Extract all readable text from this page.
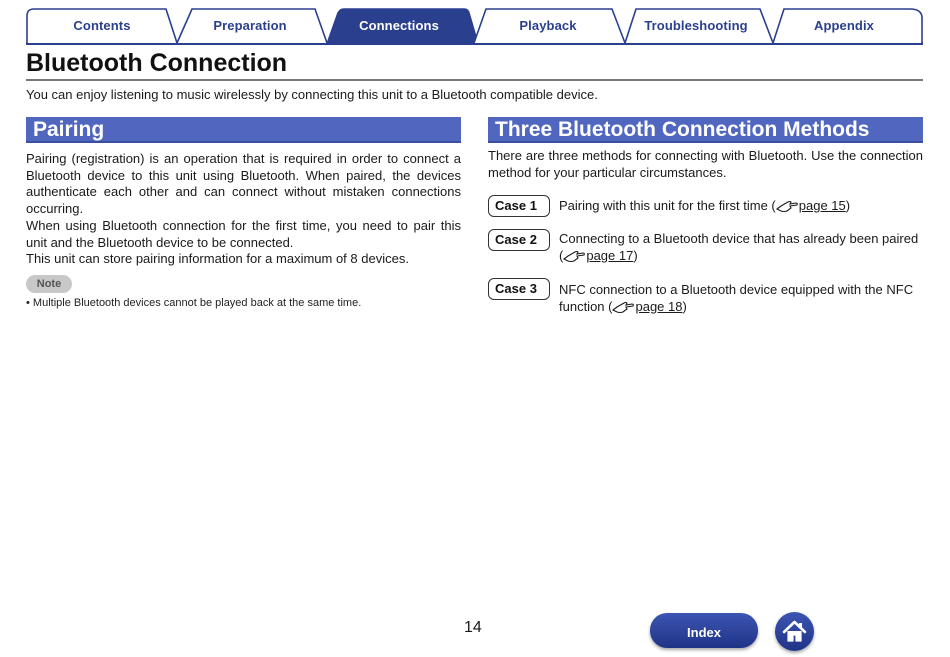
Contents	Preparation	Connections	Playback	Troubleshooting	Appendix
Bluetooth Connection
You can enjoy listening to music wirelessly by connecting this unit to a Bluetooth compatible device.
Pairing
Pairing (registration) is an operation that is required in order to connect a Bluetooth device to this unit using Bluetooth. When paired, the devices authenticate each other and can connect without mistaken connections occurring.
When using Bluetooth connection for the first time, you need to pair this unit and the Bluetooth device to be connected.
This unit can store pairing information for a maximum of 8 devices.
Note
• Multiple Bluetooth devices cannot be played back at the same time.
Three Bluetooth Connection Methods
There are three methods for connecting with Bluetooth. Use the connection method for your particular circumstances.
Case 1	Pairing with this unit for the first time ( page 15)
Case 2	Connecting to a Bluetooth device that has already been paired ( page 17)
Case 3	NFC connection to a Bluetooth device equipped with the NFC function ( page 18)
14	Index
